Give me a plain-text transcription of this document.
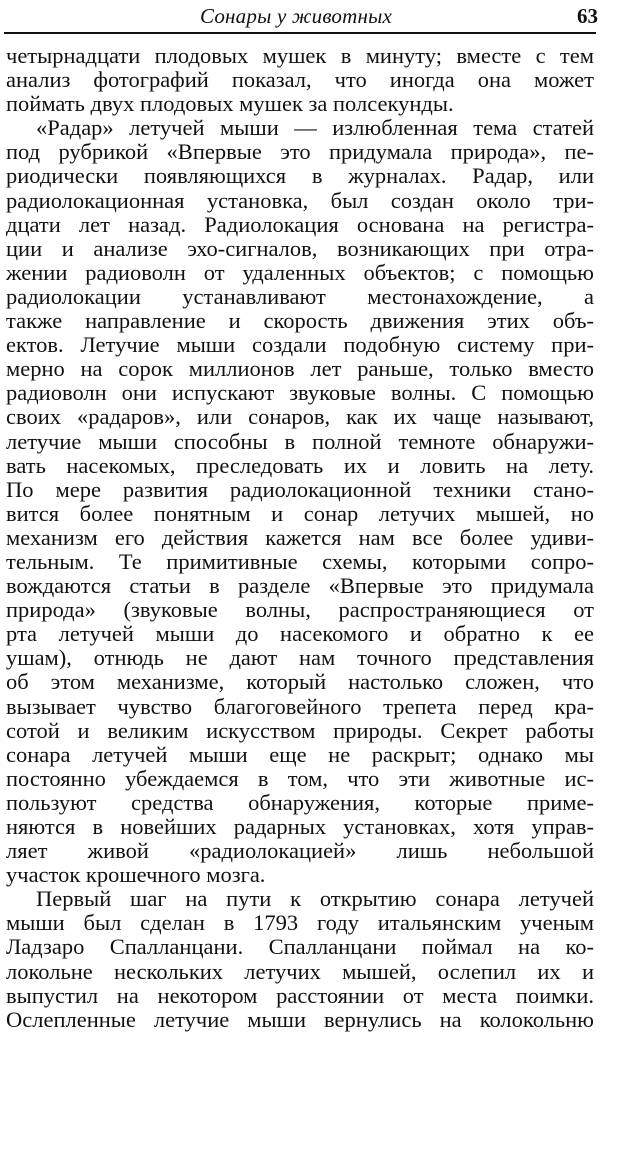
Сонары у животных	63
четырнадцати плодовых мушек в минуту; вместе с тем
анализ фотографий показал, что иногда она может
поймать двух плодовых мушек за полсекунды.
«Радар» летучей мыши — излюбленная тема статей
под рубрикой «Впервые это придумала природа», пе-
риодически появляющихся в журналах. Радар, или
радиолокационная установка, был создан около три-
дцати лет назад. Радиолокация основана на регистра-
ции и анализе эхо-сигналов, возникающих при отра-
жении радиоволн от удаленных объектов; с помощью
радиолокации устанавливают местонахождение, а
также направление и скорость движения этих объ-
ектов. Летучие мыши создали подобную систему при-
мерно на сорок миллионов лет раньше, только вместо
радиоволн они испускают звуковые волны. С помощью
своих «радаров», или сонаров, как их чаще называют,
летучие мыши способны в полной темноте обнаружи-
вать насекомых, преследовать их и ловить на лету.
По мере развития радиолокационной техники стано-
вится более понятным и сонар летучих мышей, но
механизм его действия кажется нам все более удиви-
тельным. Те примитивные схемы, которыми сопро-
вождаются статьи в разделе «Впервые это придумала
природа» (звуковые волны, распространяющиеся от
рта летучей мыши до насекомого и обратно к ее
ушам), отнюдь не дают нам точного представления
об этом механизме, который настолько сложен, что
вызывает чувство благоговейного трепета перед кра-
сотой и великим искусством природы. Секрет работы
сонара летучей мыши еще не раскрыт; однако мы
постоянно убеждаемся в том, что эти животные ис-
пользуют средства обнаружения, которые приме-
няются в новейших радарных установках, хотя управ-
ляет живой «радиолокацией» лишь небольшой
участок крошечного мозга.
Первый шаг на пути к открытию сонара летучей
мыши был сделан в 1793 году итальянским ученым
Ладзаро Спалланцани. Спалланцани поймал на ко-
локольне нескольких летучих мышей, ослепил их и
выпустил на некотором расстоянии от места поимки.
Ослепленные летучие мыши вернулись на колокольню
